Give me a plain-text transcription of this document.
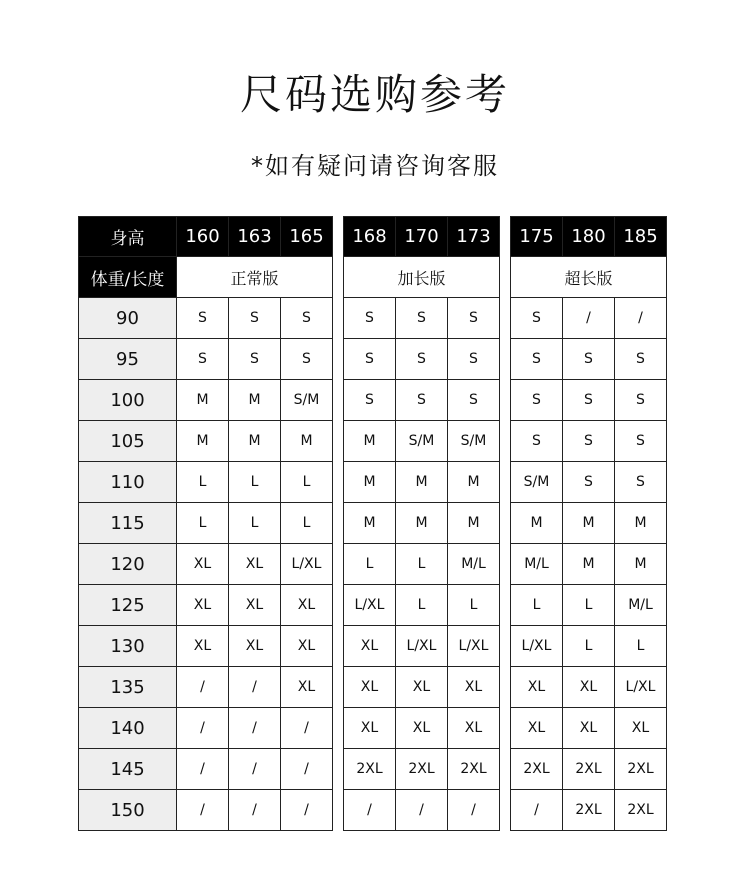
尺码选购参考
*如有疑问请咨询客服
身高	160 163 165	168 170 173	175 180 185
体重/长度	正常版	加长版	超长版
90	S	S	S	S	S	S	S	/	/
95	S	S	S	S	S	S	S	S	S
100	M	M	S/M	S	S	S	S	S	S
105	M	M	M	M	S/M	S/M	S	S	S
110	L	L	L	M	M	M	S/M	S	S
115	L	L	L	M	M	M	M	M	M
120	XL	XL	L/XL	L	L	M/L	M/L	M	M
125	XL	XL	XL	L/XL	L	L	L	L	M/L
130	XL	XL	XL	XL	L/XL	L/XL	L/XL	L	L
135	/	/	XL	XL	XL	XL	XL	XL	L/XL
140	/	/	/	XL	XL	XL	XL	XL	XL
145	/	/	/	2XL	2XL	2XL	2XL	2XL	2XL
150	/	/	/	/	/	/	/	2XL	2XL
